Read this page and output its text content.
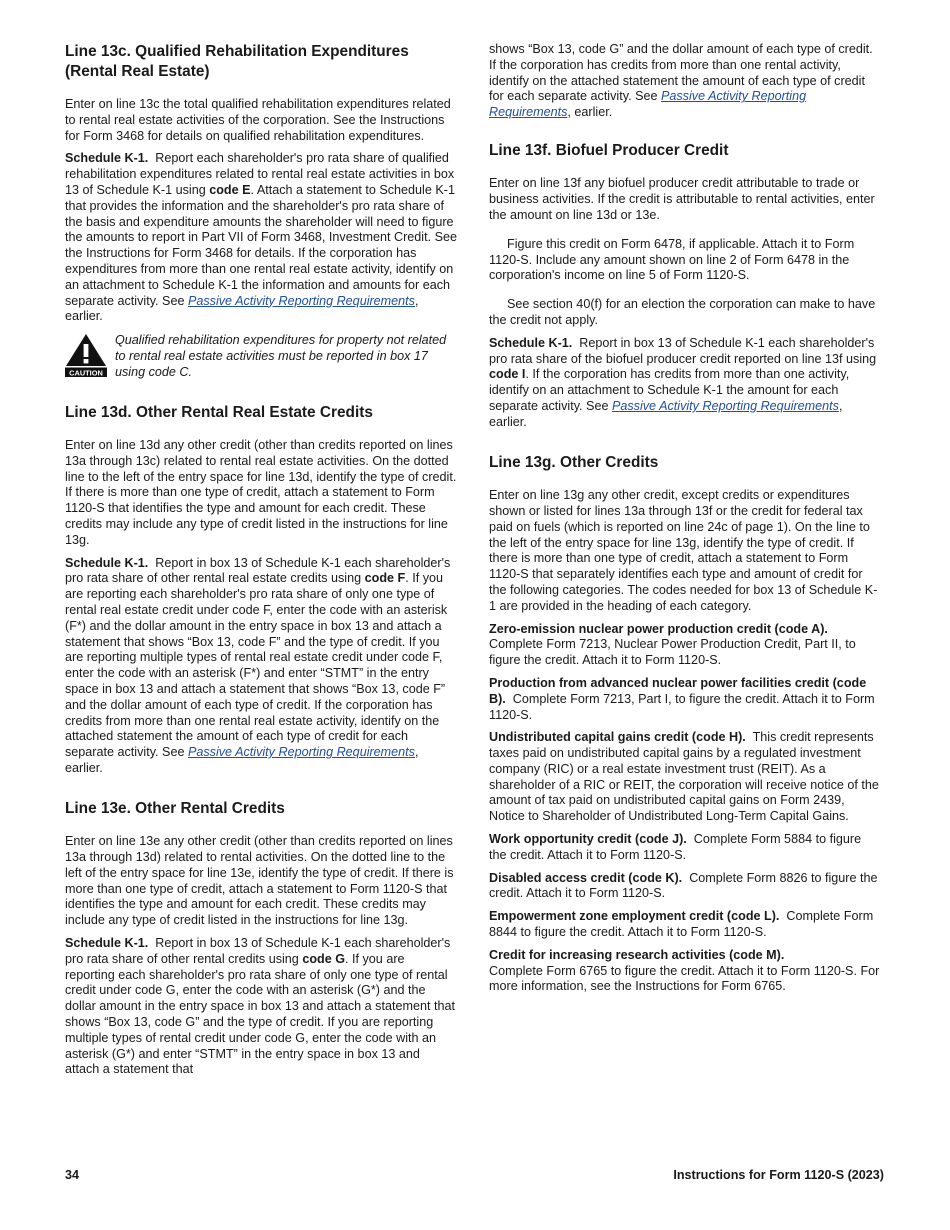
Line 13c. Qualified Rehabilitation Expenditures (Rental Real Estate)

Enter on line 13c the total qualified rehabilitation expenditures related to rental real estate activities of the corporation. See the Instructions for Form 3468 for details on qualified rehabilitation expenditures.

Schedule K-1. Report each shareholder's pro rata share of qualified rehabilitation expenditures related to rental real estate activities in box 13 of Schedule K-1 using code E. Attach a statement to Schedule K-1 that provides the information and the shareholder's pro rata share of the basis and expenditure amounts the shareholder will need to figure the amounts to report in Part VII of Form 3468, Investment Credit. See the Instructions for Form 3468 for details. If the corporation has expenditures from more than one rental real estate activity, identify on an attachment to Schedule K-1 the information and amounts for each separate activity. See Passive Activity Reporting Requirements, earlier.

CAUTION
Qualified rehabilitation expenditures for property not related to rental real estate activities must be reported in box 17 using code C.
Line 13d. Other Rental Real Estate Credits

Enter on line 13d any other credit (other than credits reported on lines 13a through 13c) related to rental real estate activities. On the dotted line to the left of the entry space for line 13d, identify the type of credit. If there is more than one type of credit, attach a statement to Form 1120-S that identifies the type and amount for each credit. These credits may include any type of credit listed in the instructions for line 13g.

Schedule K-1. Report in box 13 of Schedule K-1 each shareholder's pro rata share of other rental real estate credits using code F. If you are reporting each shareholder's pro rata share of only one type of rental real estate credit under code F, enter the code with an asterisk (F*) and the dollar amount in the entry space in box 13 and attach a statement that shows “Box 13, code F” and the type of credit. If you are reporting multiple types of rental real estate credit under code F, enter the code with an asterisk (F*) and enter “STMT” in the entry space in box 13 and attach a statement that shows “Box 13, code F” and the dollar amount of each type of credit. If the corporation has credits from more than one rental real estate activity, identify on the attached statement the amount of each type of credit for each separate activity. See Passive Activity Reporting Requirements, earlier.

Line 13e. Other Rental Credits

Enter on line 13e any other credit (other than credits reported on lines 13a through 13d) related to rental activities. On the dotted line to the left of the entry space for line 13e, identify the type of credit. If there is more than one type of credit, attach a statement to Form 1120-S that identifies the type and amount for each credit. These credits may include any type of credit listed in the instructions for line 13g.

Schedule K-1. Report in box 13 of Schedule K-1 each shareholder's pro rata share of other rental credits using code G. If you are reporting each shareholder's pro rata share of only one type of rental credit under code G, enter the code with an asterisk (G*) and the dollar amount in the entry space in box 13 and attach a statement that shows “Box 13, code G” and the type of credit. If you are reporting multiple types of rental credit under code G, enter the code with an asterisk (G*) and enter “STMT” in the entry space in box 13 and attach a statement that

shows “Box 13, code G” and the dollar amount of each type of credit. If the corporation has credits from more than one rental activity, identify on the attached statement the amount of each type of credit for each separate activity. See Passive Activity Reporting Requirements, earlier.

Line 13f. Biofuel Producer Credit

Enter on line 13f any biofuel producer credit attributable to trade or business activities. If the credit is attributable to rental activities, enter the amount on line 13d or 13e.

Figure this credit on Form 6478, if applicable. Attach it to Form 1120-S. Include any amount shown on line 2 of Form 6478 in the corporation's income on line 5 of Form 1120-S.

See section 40(f) for an election the corporation can make to have the credit not apply.

Schedule K-1. Report in box 13 of Schedule K-1 each shareholder's pro rata share of the biofuel producer credit reported on line 13f using code I. If the corporation has credits from more than one activity, identify on an attachment to Schedule K-1 the amount for each separate activity. See Passive Activity Reporting Requirements, earlier.

Line 13g. Other Credits

Enter on line 13g any other credit, except credits or expenditures shown or listed for lines 13a through 13f or the credit for federal tax paid on fuels (which is reported on line 24c of page 1). On the line to the left of the entry space for line 13g, identify the type of credit. If there is more than one type of credit, attach a statement to Form 1120-S that separately identifies each type and amount of credit for the following categories. The codes needed for box 13 of Schedule K-1 are provided in the heading of each category.

Zero-emission nuclear power production credit (code A).
Complete Form 7213, Nuclear Power Production Credit, Part II, to figure the credit. Attach it to Form 1120-S.

Production from advanced nuclear power facilities credit (code B). Complete Form 7213, Part I, to figure the credit. Attach it to Form 1120-S.

Undistributed capital gains credit (code H). This credit represents taxes paid on undistributed capital gains by a regulated investment company (RIC) or a real estate investment trust (REIT). As a shareholder of a RIC or REIT, the corporation will receive notice of the amount of tax paid on undistributed capital gains on Form 2439, Notice to Shareholder of Undistributed Long-Term Capital Gains.

Work opportunity credit (code J). Complete Form 5884 to figure the credit. Attach it to Form 1120-S.

Disabled access credit (code K). Complete Form 8826 to figure the credit. Attach it to Form 1120-S.

Empowerment zone employment credit (code L). Complete Form 8844 to figure the credit. Attach it to Form 1120-S.

Credit for increasing research activities (code M).
Complete Form 6765 to figure the credit. Attach it to Form 1120-S. For more information, see the Instructions for Form 6765.

34	Instructions for Form 1120-S (2023)
